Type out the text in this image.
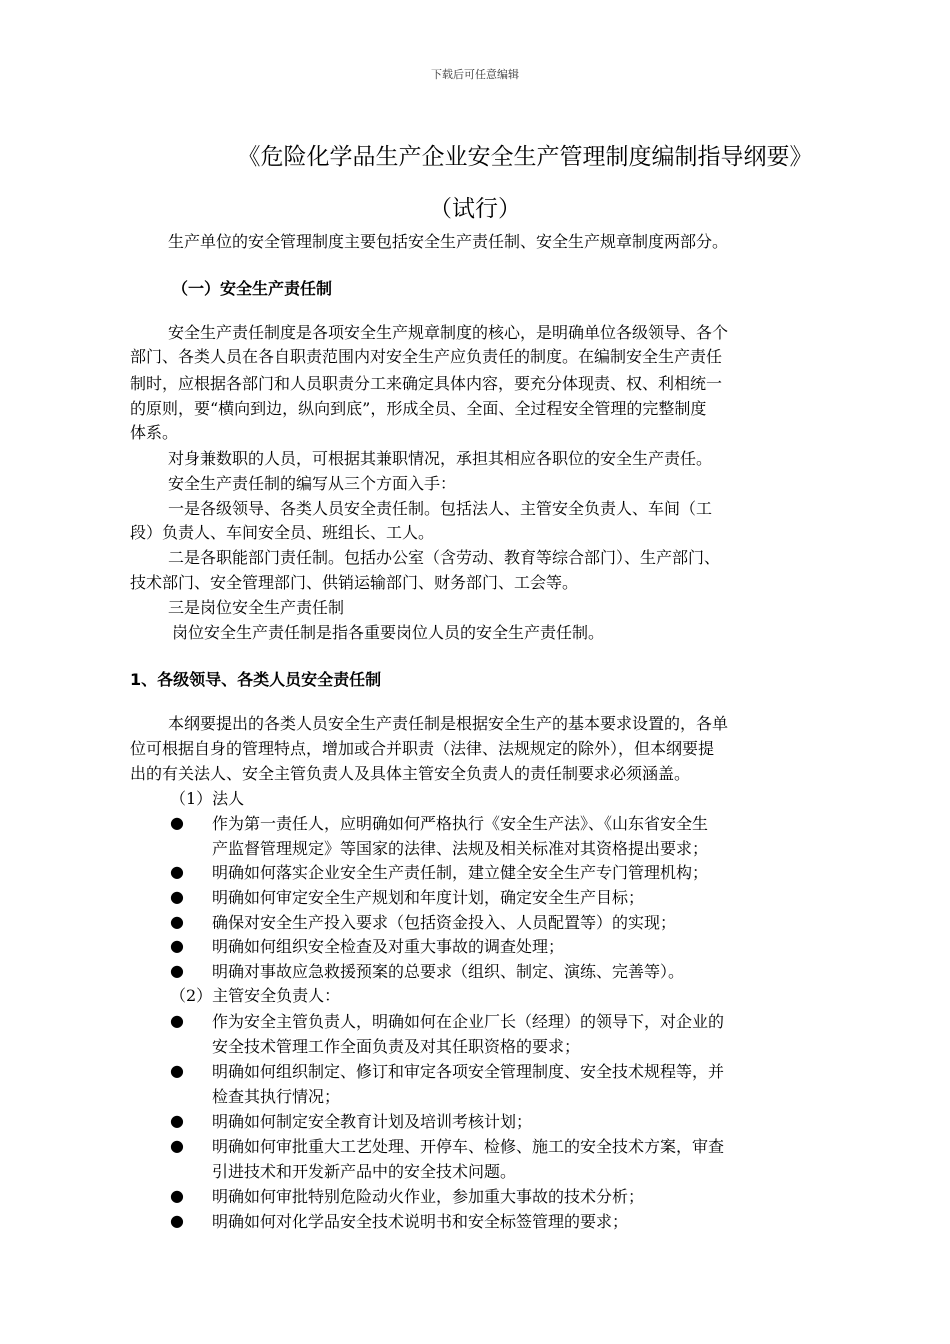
下载后可任意编辑
《危险化学品生产企业安全生产管理制度编制指导纲要》
（试行）
生产单位的安全管理制度主要包括安全生产责任制、安全生产规章制度两部分。
（一）安全生产责任制
安全生产责任制度是各项安全生产规章制度的核心，是明确单位各级领导、各个
部门、各类人员在各自职责范围内对安全生产应负责任的制度。在编制安全生产责任
制时，应根据各部门和人员职责分工来确定具体内容，要充分体现责、权、利相统一
的原则，要“横向到边，纵向到底”，形成全员、全面、全过程安全管理的完整制度
体系。
对身兼数职的人员，可根据其兼职情况，承担其相应各职位的安全生产责任。
安全生产责任制的编写从三个方面入手：
一是各级领导、各类人员安全责任制。包括法人、主管安全负责人、车间（工
段）负责人、车间安全员、班组长、工人。
二是各职能部门责任制。包括办公室（含劳动、教育等综合部门）、生产部门、
技术部门、安全管理部门、供销运输部门、财务部门、工会等。
三是岗位安全生产责任制
岗位安全生产责任制是指各重要岗位人员的安全生产责任制。
1、各级领导、各类人员安全责任制
本纲要提出的各类人员安全生产责任制是根据安全生产的基本要求设置的，各单
位可根据自身的管理特点，增加或合并职责（法律、法规规定的除外），但本纲要提
出的有关法人、安全主管负责人及具体主管安全负责人的责任制要求必须涵盖。
（1）法人
● 作为第一责任人，应明确如何严格执行《安全生产法》、《山东省安全生
产监督管理规定》等国家的法律、法规及相关标准对其资格提出要求；
● 明确如何落实企业安全生产责任制，建立健全安全生产专门管理机构；
● 明确如何审定安全生产规划和年度计划，确定安全生产目标；
● 确保对安全生产投入要求（包括资金投入、人员配置等）的实现；
● 明确如何组织安全检查及对重大事故的调查处理；
● 明确对事故应急救援预案的总要求（组织、制定、演练、完善等）。
（2）主管安全负责人：
● 作为安全主管负责人，明确如何在企业厂长（经理）的领导下，对企业的
安全技术管理工作全面负责及对其任职资格的要求；
● 明确如何组织制定、修订和审定各项安全管理制度、安全技术规程等，并
检查其执行情况；
● 明确如何制定安全教育计划及培训考核计划；
● 明确如何审批重大工艺处理、开停车、检修、施工的安全技术方案，审查
引进技术和开发新产品中的安全技术问题。
● 明确如何审批特别危险动火作业，参加重大事故的技术分析；
● 明确如何对化学品安全技术说明书和安全标签管理的要求；
